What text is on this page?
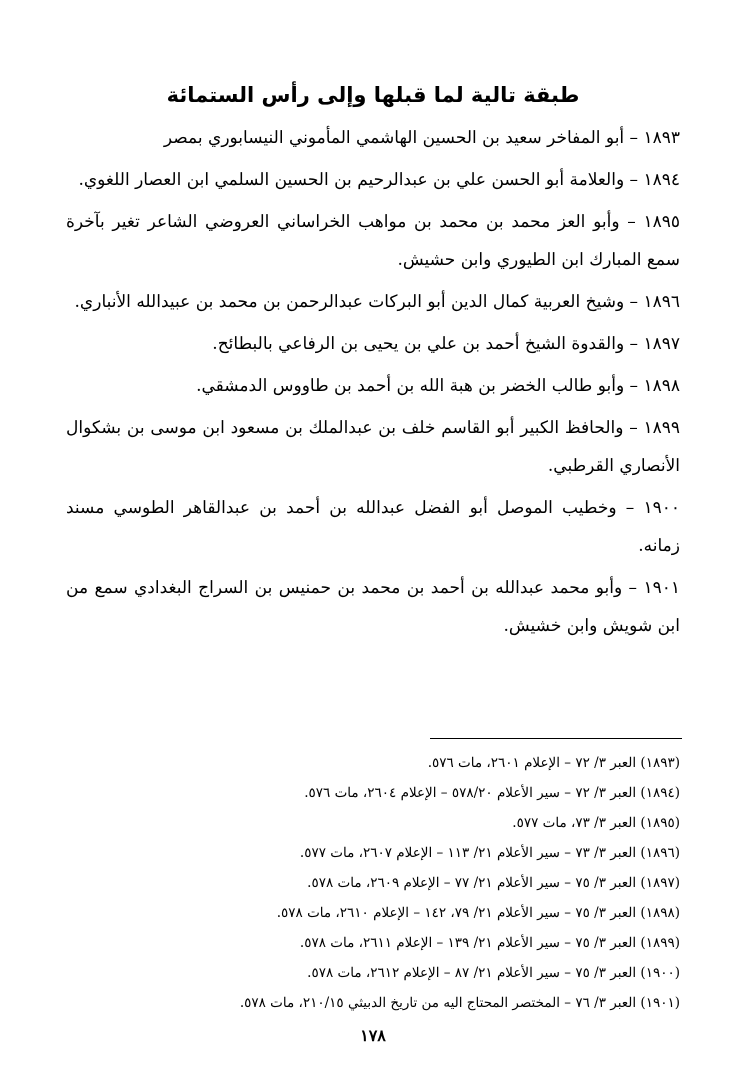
طبقة تالية لما قبلها وإلى رأس الستمائة

١٨٩٣ – أبو المفاخر سعيد بن الحسين الهاشمي المأموني النيسابوري بمصر

١٨٩٤ – والعلامة أبو الحسن علي بن عبدالرحيم بن الحسين السلمي ابن العصار اللغوي.

١٨٩٥ – وأبو العز محمد بن محمد بن مواهب الخراساني العروضي الشاعر تغير بآخرة سمع المبارك ابن الطيوري وابن حشيش.

١٨٩٦ – وشيخ العربية كمال الدين أبو البركات عبدالرحمن بن محمد بن عبيدالله الأنباري.

١٨٩٧ – والقدوة الشيخ أحمد بن علي بن يحيى بن الرفاعي بالبطائح.

١٨٩٨ – وأبو طالب الخضر بن هبة الله بن أحمد بن طاووس الدمشقي.

١٨٩٩ – والحافظ الكبير أبو القاسم خلف بن عبدالملك بن مسعود ابن موسى بن بشكوال الأنصاري القرطبي.

١٩٠٠ – وخطيب الموصل أبو الفضل عبدالله بن أحمد بن عبدالقاهر الطوسي مسند زمانه.

١٩٠١ – وأبو محمد عبدالله بن أحمد بن محمد بن حمنيس بن السراج البغدادي سمع من ابن شويش وابن خشيش.

(١٨٩٣) العبر ٣/ ٧٢ – الإعلام ٢٦٠١، مات ٥٧٦.
(١٨٩٤) العبر ٣/ ٧٢ – سير الأعلام ٥٧٨/٢٠ – الإعلام ٢٦٠٤، مات ٥٧٦.
(١٨٩٥) العبر ٣/ ٧٣، مات ٥٧٧.
(١٨٩٦) العبر ٣/ ٧٣ – سير الأعلام ٢١/ ١١٣ – الإعلام ٢٦٠٧، مات ٥٧٧.
(١٨٩٧) العبر ٣/ ٧٥ – سير الأعلام ٢١/ ٧٧ – الإعلام ٢٦٠٩، مات ٥٧٨.
(١٨٩٨) العبر ٣/ ٧٥ – سير الأعلام ٢١/ ٧٩، ١٤٢ – الإعلام ٢٦١٠، مات ٥٧٨.
(١٨٩٩) العبر ٣/ ٧٥ – سير الأعلام ٢١/ ١٣٩ – الإعلام ٢٦١١، مات ٥٧٨.
(١٩٠٠) العبر ٣/ ٧٥ – سير الأعلام ٢١/ ٨٧ – الإعلام ٢٦١٢، مات ٥٧٨.
(١٩٠١) العبر ٣/ ٧٦ – المختصر المحتاج اليه من تاريخ الدبيثي ٢١٠/١٥، مات ٥٧٨.
١٧٨
